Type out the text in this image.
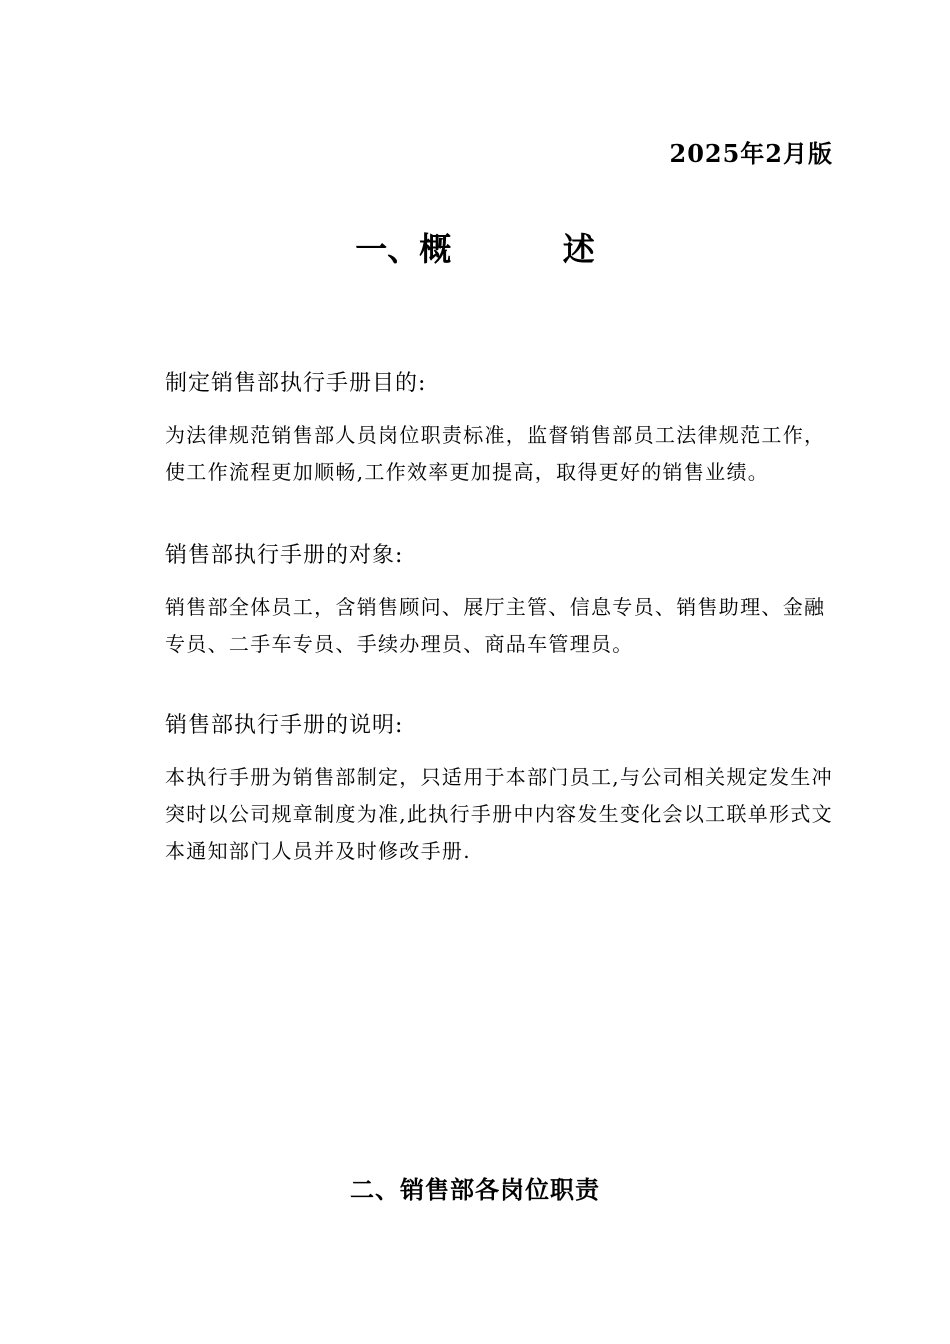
2025年2月版
一、概          述
制定销售部执行手册目的:

为法律规范销售部人员岗位职责标准，监督销售部员工法律规范工作，使工作流程更加顺畅,工作效率更加提高，取得更好的销售业绩。

销售部执行手册的对象:

销售部全体员工，含销售顾问、展厅主管、信息专员、销售助理、金融专员、二手车专员、手续办理员、商品车管理员。

销售部执行手册的说明:

本执行手册为销售部制定，只适用于本部门员工,与公司相关规定发生冲突时以公司规章制度为准,此执行手册中内容发生变化会以工联单形式文本通知部门人员并及时修改手册.

二、销售部各岗位职责
